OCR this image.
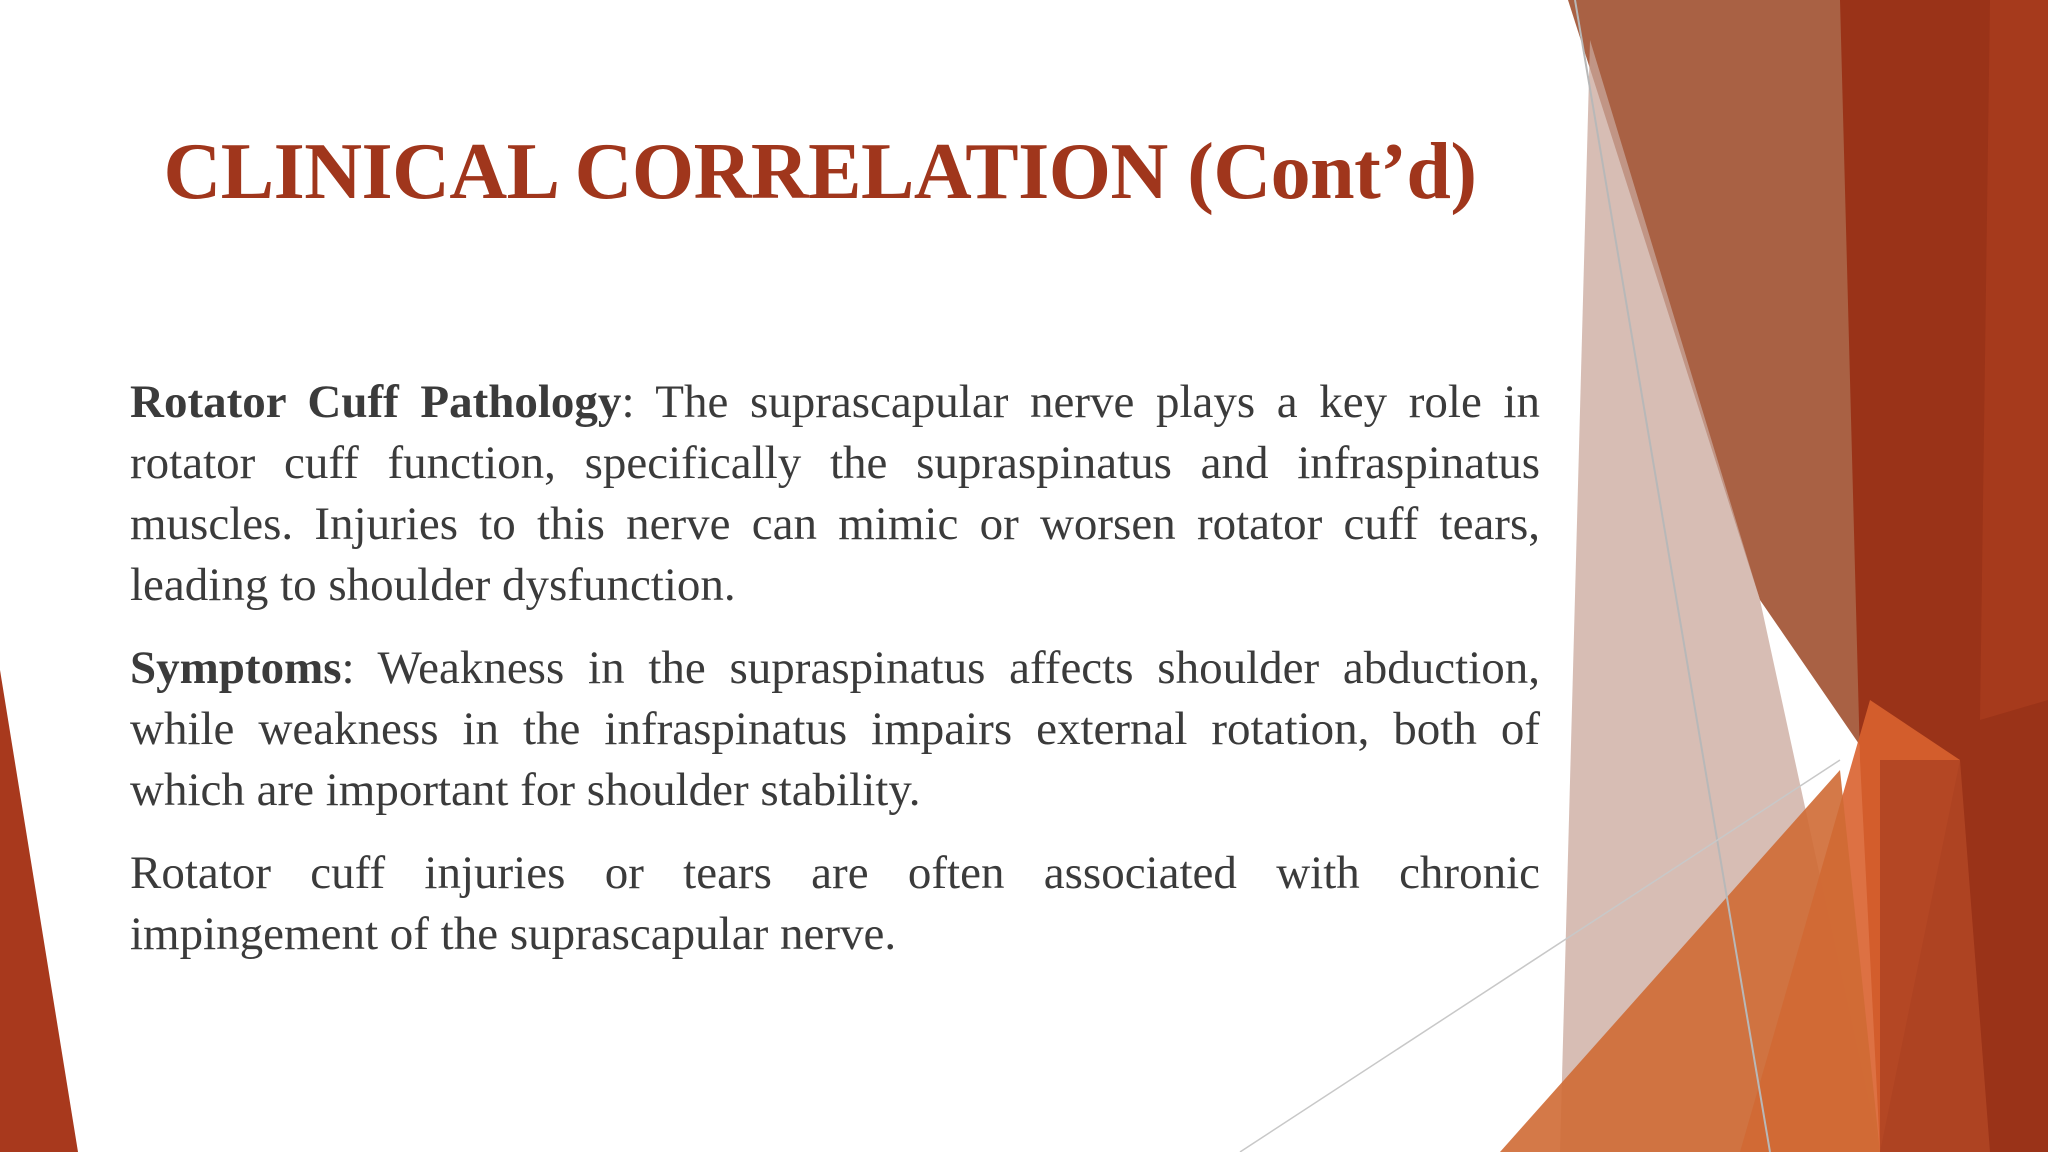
CLINICAL CORRELATION (Cont’d)

Rotator Cuff Pathology: The suprascapular nerve plays a key role in rotator cuff function, specifically the supraspinatus and infraspinatus muscles. Injuries to this nerve can mimic or worsen rotator cuff tears, leading to shoulder dysfunction.

Symptoms: Weakness in the supraspinatus affects shoulder abduction, while weakness in the infraspinatus impairs external rotation, both of which are important for shoulder stability.

Rotator cuff injuries or tears are often associated with chronic impingement of the suprascapular nerve.
